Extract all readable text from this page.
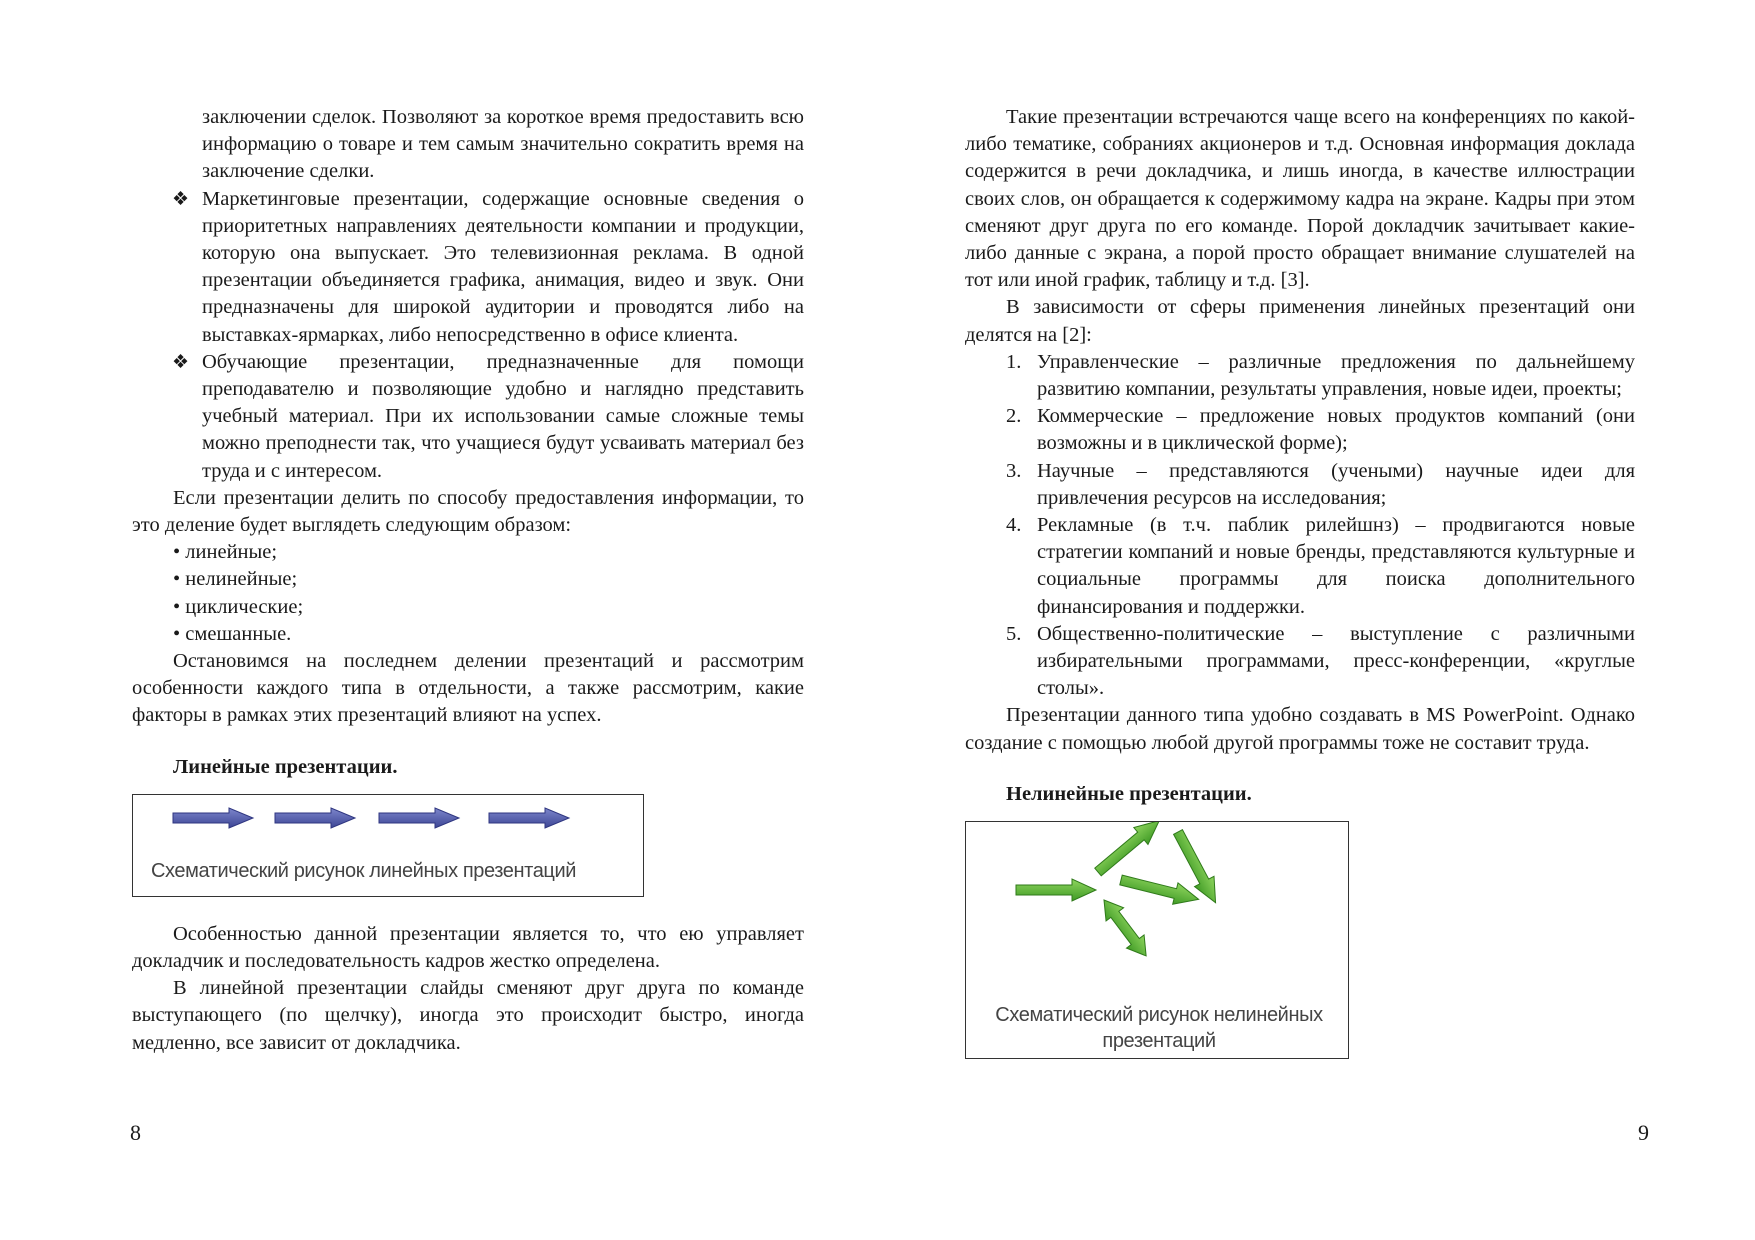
заключении сделок. Позволяют за короткое время предоставить всю информацию о товаре и тем самым значительно сократить время на заключение сделки.

❖ Маркетинговые презентации, содержащие основные сведения о приоритетных направлениях деятельности компании и продукции, которую она выпускает. Это телевизионная реклама. В одной презентации объединяется графика, анимация, видео и звук. Они предназначены для широкой аудитории и проводятся либо на выставках-ярмарках, либо непосредственно в офисе клиента.

❖ Обучающие презентации, предназначенные для помощи преподавателю и позволяющие удобно и наглядно представить учебный материал. При их использовании самые сложные темы можно преподнести так, что учащиеся будут усваивать материал без труда и с интересом.

Если презентации делить по способу предоставления информации, то это деление будет выглядеть следующим образом:

• линейные;

• нелинейные;

• циклические;

• смешанные.

Остановимся на последнем делении презентаций и рассмотрим особенности каждого типа в отдельности, а также рассмотрим, какие факторы в рамках этих презентаций влияют на успех.

Линейные презентации.

Схематический рисунок линейных презентаций

Особенностью данной презентации является то, что ею управляет докладчик и последовательность кадров жестко определена.

В линейной презентации слайды сменяют друг друга по команде выступающего (по щелчку), иногда это происходит быстро, иногда медленно, все зависит от докладчика.

8

Такие презентации встречаются чаще всего на конференциях по какой-либо тематике, собраниях акционеров и т.д. Основная информация доклада содержится в речи докладчика, и лишь иногда, в качестве иллюстрации своих слов, он обращается к содержимому кадра на экране. Кадры при этом сменяют друг друга по его команде. Порой докладчик зачитывает какие-либо данные с экрана, а порой просто обращает внимание слушателей на тот или иной график, таблицу и т.д. [3].

В зависимости от сферы применения линейных презентаций они делятся на [2]:

1. Управленческие – различные предложения по дальнейшему развитию компании, результаты управления, новые идеи, проекты;

2. Коммерческие – предложение новых продуктов компаний (они возможны и в циклической форме);

3. Научные – представляются (учеными) научные идеи для привлечения ресурсов на исследования;

4. Рекламные (в т.ч. паблик рилейшнз) – продвигаются новые стратегии компаний и новые бренды, представляются культурные и социальные программы для поиска дополнительного финансирования и поддержки.

5. Общественно-политические – выступление с различными избирательными программами, пресс-конференции, «круглые столы».

Презентации данного типа удобно создавать в MS PowerPoint. Однако создание с помощью любой другой программы тоже не составит труда.

Нелинейные презентации.

Схематический рисунок нелинейных презентаций
9
